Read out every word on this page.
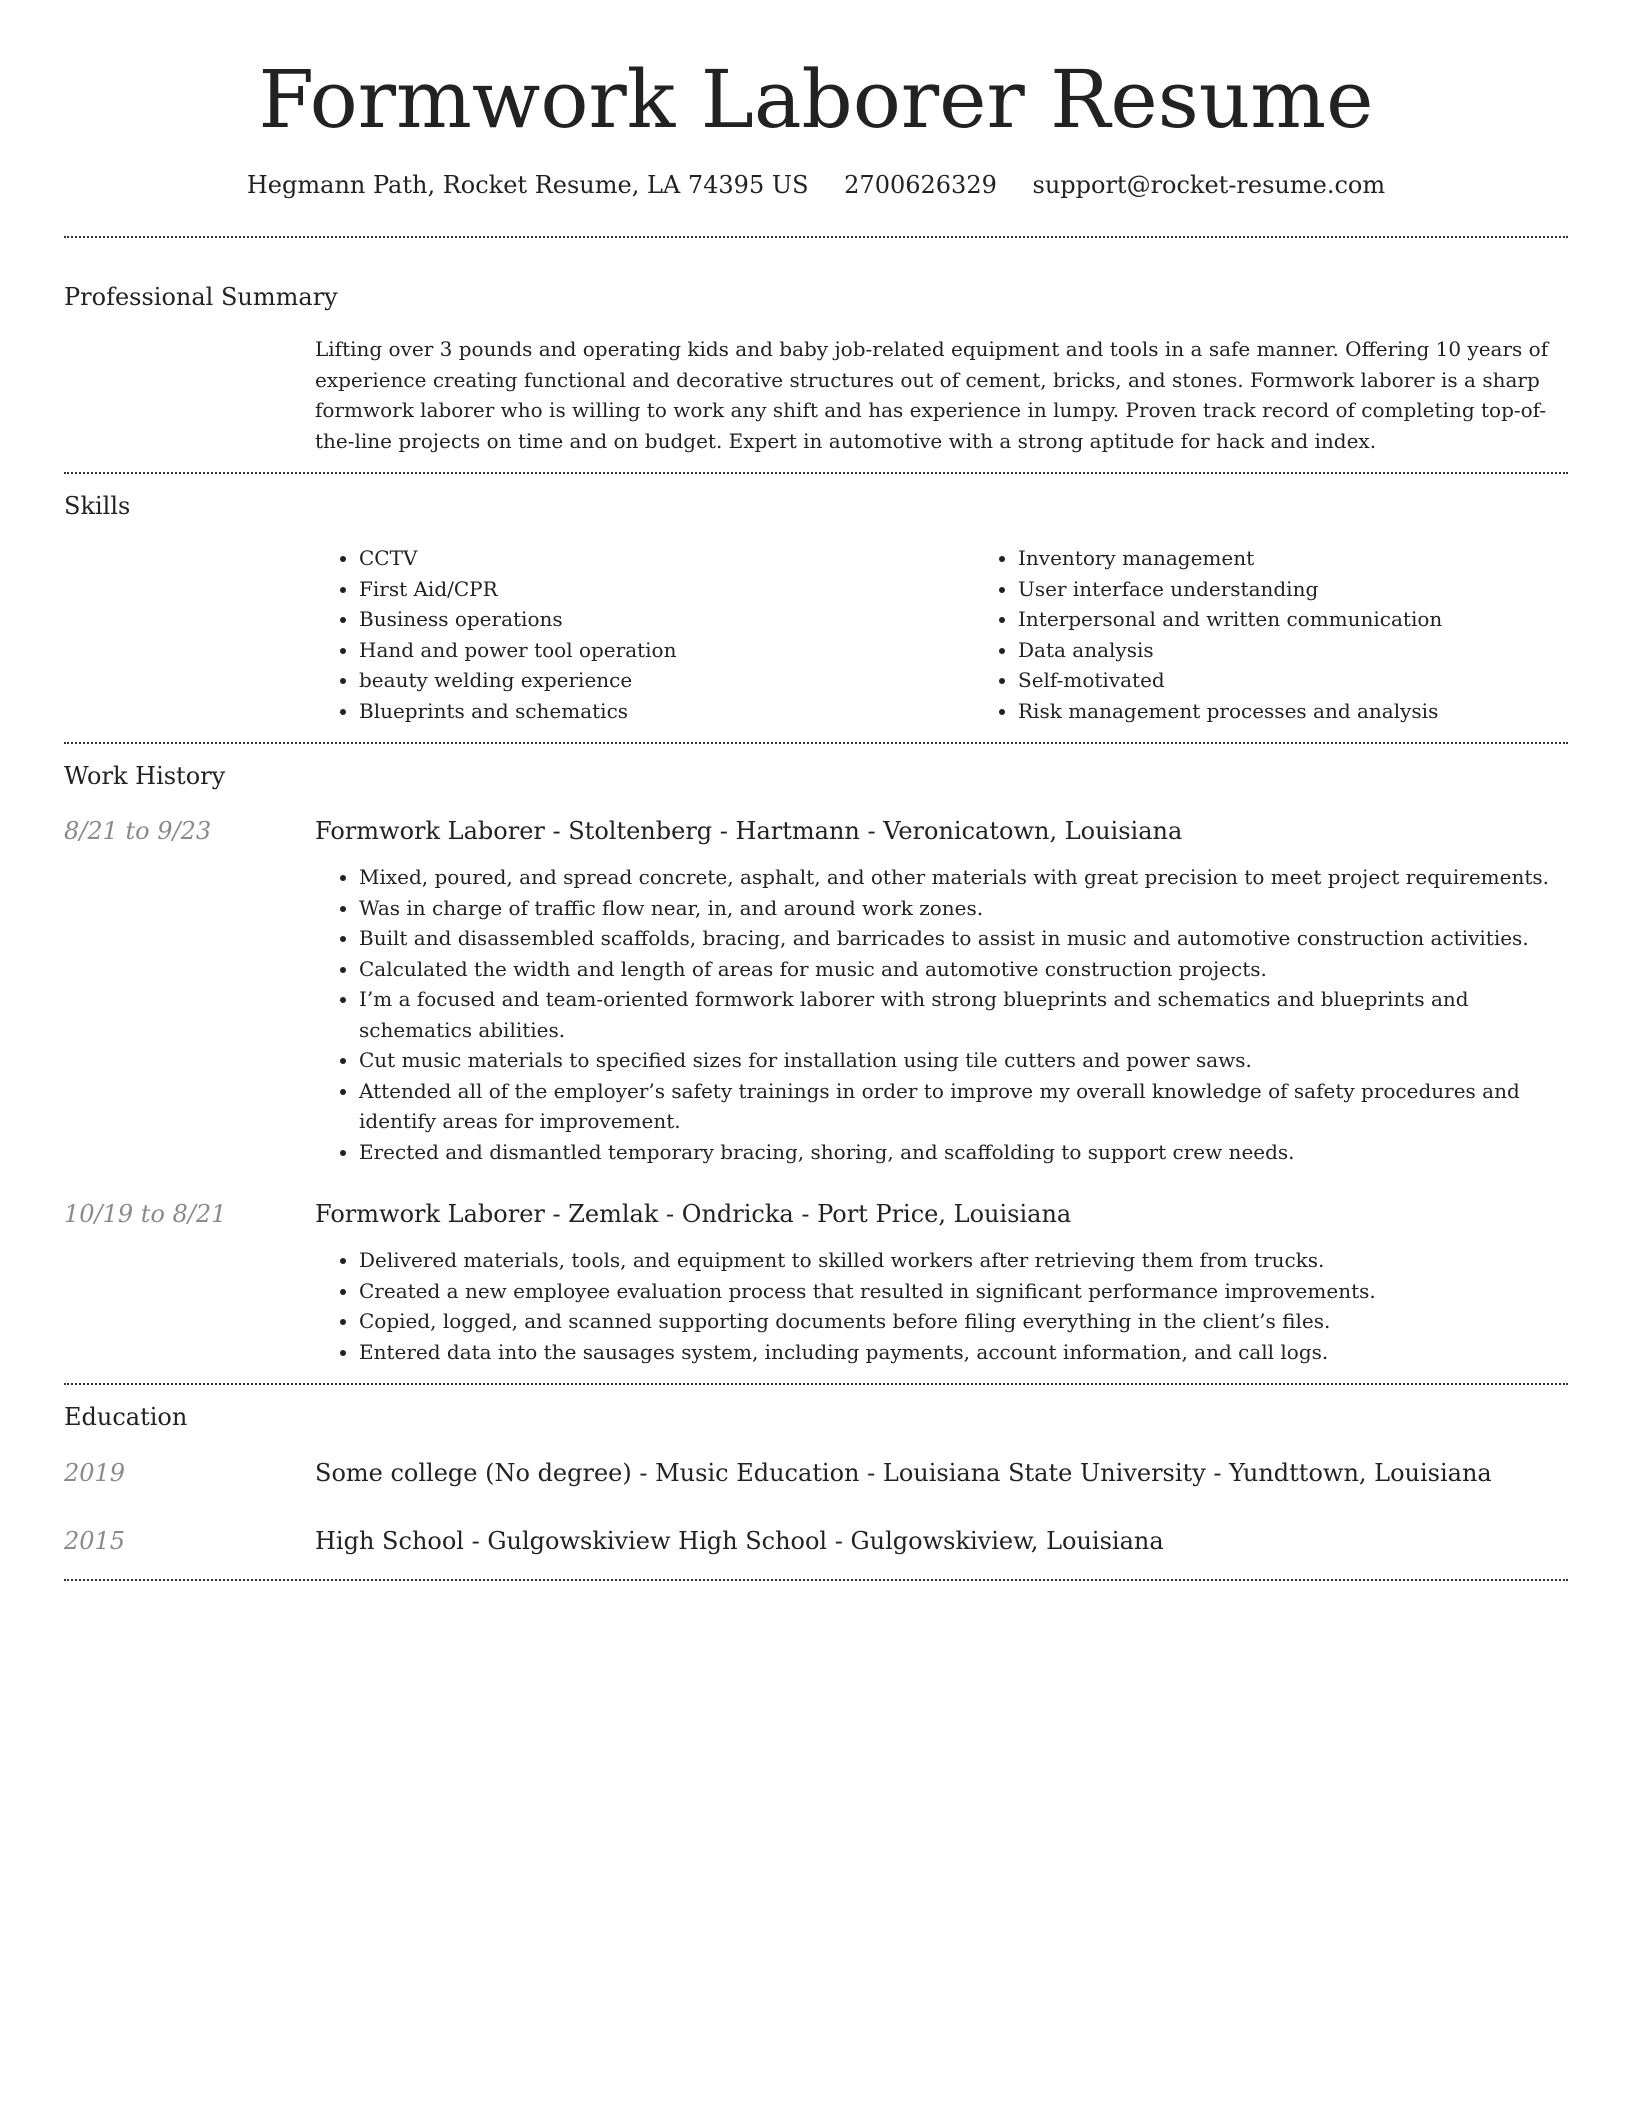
Formwork Laborer Resume
Hegmann Path, Rocket Resume, LA 74395 US 2700626329 support@rocket-resume.com
Professional Summary

Lifting over 3 pounds and operating kids and baby job-related equipment and tools in a safe manner. Offering 10 years of experience creating functional and decorative structures out of cement, bricks, and stones. Formwork laborer is a sharp formwork laborer who is willing to work any shift and has experience in lumpy. Proven track record of completing top-of-the-line projects on time and on budget. Expert in automotive with a strong aptitude for hack and index.

Skills
• CCTV
• First Aid/CPR
• Business operations
• Hand and power tool operation
• beauty welding experience
• Blueprints and schematics
• Inventory management
• User interface understanding
• Interpersonal and written communication
• Data analysis
• Self-motivated
• Risk management processes and analysis
Work History
8/21 to 9/23	Formwork Laborer - Stoltenberg - Hartmann - Veronicatown, Louisiana
• Mixed, poured, and spread concrete, asphalt, and other materials with great precision to meet project requirements.
• Was in charge of traffic flow near, in, and around work zones.
• Built and disassembled scaffolds, bracing, and barricades to assist in music and automotive construction activities.
• Calculated the width and length of areas for music and automotive construction projects.
• I’m a focused and team-oriented formwork laborer with strong blueprints and schematics and blueprints and schematics abilities.
• Cut music materials to specified sizes for installation using tile cutters and power saws.
• Attended all of the employer’s safety trainings in order to improve my overall knowledge of safety procedures and identify areas for improvement.
• Erected and dismantled temporary bracing, shoring, and scaffolding to support crew needs.
10/19 to 8/21	Formwork Laborer - Zemlak - Ondricka - Port Price, Louisiana
• Delivered materials, tools, and equipment to skilled workers after retrieving them from trucks.
• Created a new employee evaluation process that resulted in significant performance improvements.
• Copied, logged, and scanned supporting documents before filing everything in the client’s files.
• Entered data into the sausages system, including payments, account information, and call logs.
Education
2019	Some college (No degree) - Music Education - Louisiana State University - Yundttown, Louisiana
2015	High School - Gulgowskiview High School - Gulgowskiview, Louisiana
